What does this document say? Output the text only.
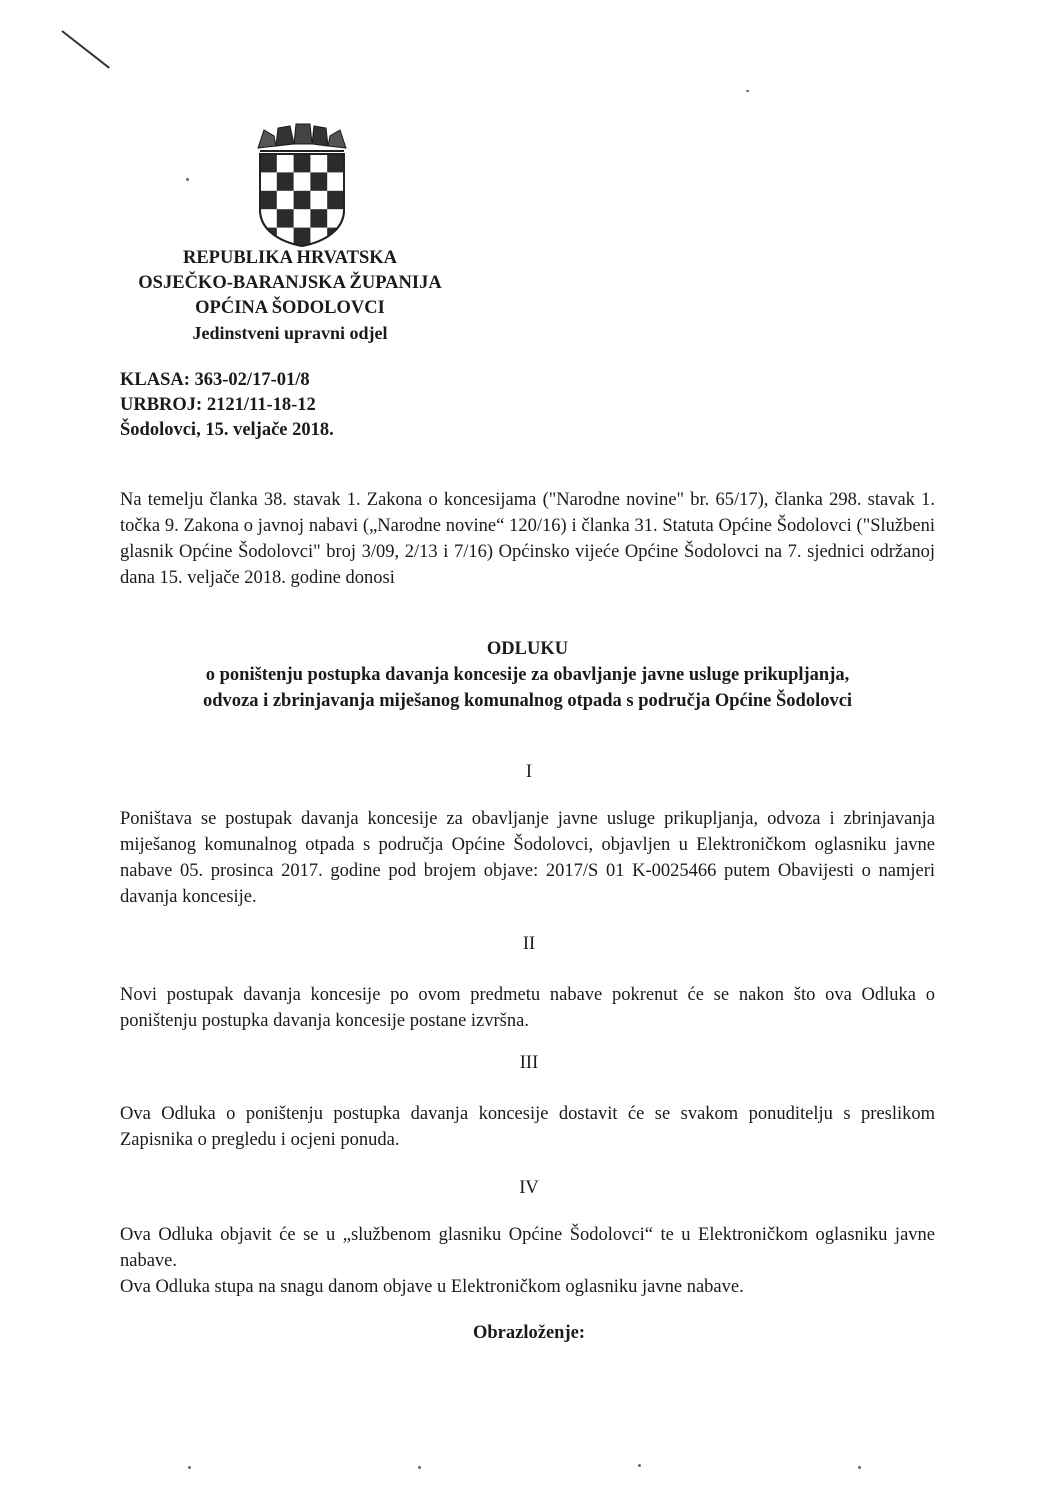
REPUBLIKA HRVATSKA
OSJEČKO-BARANJSKA ŽUPANIJA
OPĆINA ŠODOLOVCI
Jedinstveni upravni odjel
KLASA: 363-02/17-01/8
URBROJ: 2121/11-18-12
Šodolovci, 15. veljače 2018.
Na temelju članka 38. stavak 1. Zakona o koncesijama ("Narodne novine" br. 65/17), članka 298. stavak 1. točka 9. Zakona o javnoj nabavi („Narodne novine“ 120/16) i članka 31. Statuta Općine Šodolovci ("Službeni glasnik Općine Šodolovci" broj 3/09, 2/13 i 7/16) Općinsko vijeće Općine Šodolovci na 7. sjednici održanoj dana 15. veljače 2018. godine donosi
ODLUKU
o poništenju postupka davanja koncesije za obavljanje javne usluge prikupljanja,
odvoza i zbrinjavanja miješanog komunalnog otpada s područja Općine Šodolovci
I
Poništava se postupak davanja koncesije za obavljanje javne usluge prikupljanja, odvoza i zbrinjavanja miješanog komunalnog otpada s područja Općine Šodolovci, objavljen u Elektroničkom oglasniku javne nabave 05. prosinca 2017. godine pod brojem objave: 2017/S 01 K-0025466 putem Obavijesti o namjeri davanja koncesije.
II
Novi postupak davanja koncesije po ovom predmetu nabave pokrenut će se nakon što ova Odluka o poništenju postupka davanja koncesije postane izvršna.
III
Ova Odluka o poništenju postupka davanja koncesije dostavit će se svakom ponuditelju s preslikom Zapisnika o pregledu i ocjeni ponuda.
IV
Ova Odluka objavit će se u „službenom glasniku Općine Šodolovci“ te u Elektroničkom oglasniku javne nabave.
Ova Odluka stupa na snagu danom objave u Elektroničkom oglasniku javne nabave.
Obrazloženje:
